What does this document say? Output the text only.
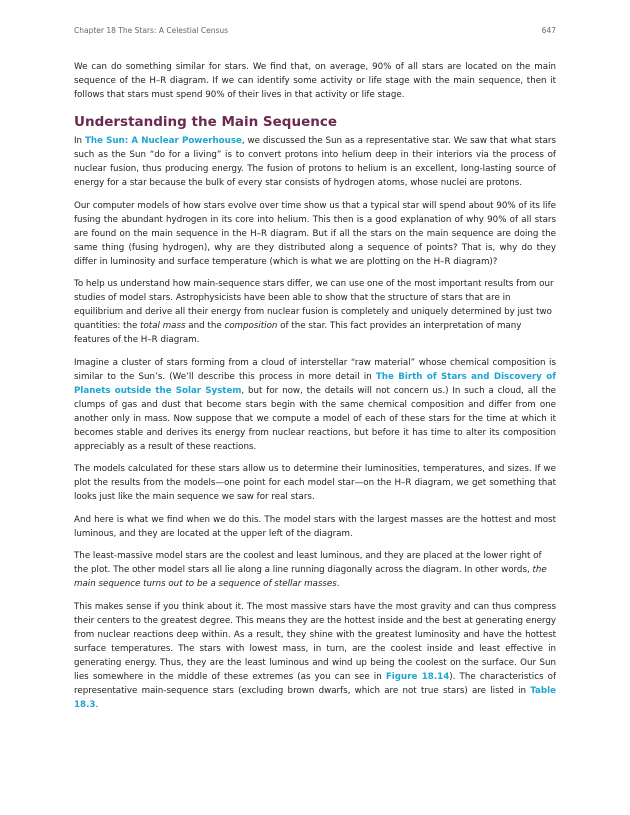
Chapter 18 The Stars: A Celestial Census	647

We can do something similar for stars. We find that, on average, 90% of all stars are located on the main sequence of the H–R diagram. If we can identify some activity or life stage with the main sequence, then it follows that stars must spend 90% of their lives in that activity or life stage.

Understanding the Main Sequence

In The Sun: A Nuclear Powerhouse, we discussed the Sun as a representative star. We saw that what stars such as the Sun “do for a living” is to convert protons into helium deep in their interiors via the process of nuclear fusion, thus producing energy. The fusion of protons to helium is an excellent, long-lasting source of energy for a star because the bulk of every star consists of hydrogen atoms, whose nuclei are protons.

Our computer models of how stars evolve over time show us that a typical star will spend about 90% of its life fusing the abundant hydrogen in its core into helium. This then is a good explanation of why 90% of all stars are found on the main sequence in the H–R diagram. But if all the stars on the main sequence are doing the same thing (fusing hydrogen), why are they distributed along a sequence of points? That is, why do they differ in luminosity and surface temperature (which is what we are plotting on the H–R diagram)?

To help us understand how main-sequence stars differ, we can use one of the most important results from our studies of model stars. Astrophysicists have been able to show that the structure of stars that are in equilibrium and derive all their energy from nuclear fusion is completely and uniquely determined by just two quantities: the total mass and the composition of the star. This fact provides an interpretation of many features of the H–R diagram.

Imagine a cluster of stars forming from a cloud of interstellar “raw material” whose chemical composition is similar to the Sun’s. (We’ll describe this process in more detail in The Birth of Stars and Discovery of Planets outside the Solar System, but for now, the details will not concern us.) In such a cloud, all the clumps of gas and dust that become stars begin with the same chemical composition and differ from one another only in mass. Now suppose that we compute a model of each of these stars for the time at which it becomes stable and derives its energy from nuclear reactions, but before it has time to alter its composition appreciably as a result of these reactions.

The models calculated for these stars allow us to determine their luminosities, temperatures, and sizes. If we plot the results from the models—one point for each model star—on the H–R diagram, we get something that looks just like the main sequence we saw for real stars.

And here is what we find when we do this. The model stars with the largest masses are the hottest and most luminous, and they are located at the upper left of the diagram.

The least-massive model stars are the coolest and least luminous, and they are placed at the lower right of the plot. The other model stars all lie along a line running diagonally across the diagram. In other words, the main sequence turns out to be a sequence of stellar masses.

This makes sense if you think about it. The most massive stars have the most gravity and can thus compress their centers to the greatest degree. This means they are the hottest inside and the best at generating energy from nuclear reactions deep within. As a result, they shine with the greatest luminosity and have the hottest surface temperatures. The stars with lowest mass, in turn, are the coolest inside and least effective in generating energy. Thus, they are the least luminous and wind up being the coolest on the surface. Our Sun lies somewhere in the middle of these extremes (as you can see in Figure 18.14). The characteristics of representative main-sequence stars (excluding brown dwarfs, which are not true stars) are listed in Table 18.3.
